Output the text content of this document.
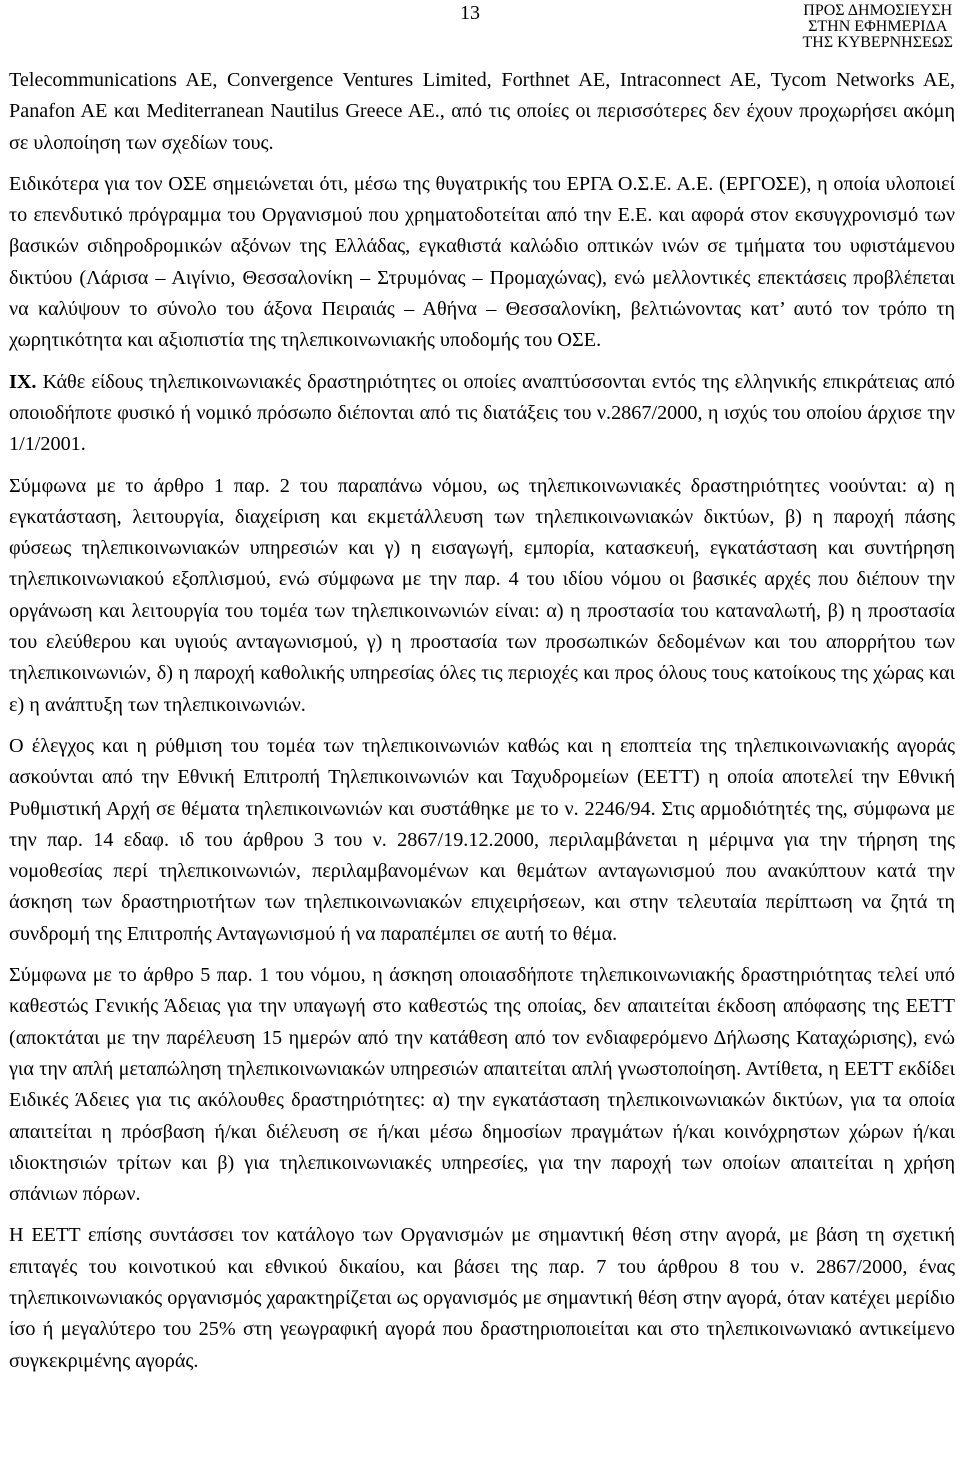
13	ΠΡΟΣ ΔΗΜΟΣΙΕΥΣΗ
ΣΤΗΝ ΕΦΗΜΕΡΙΔΑ
ΤΗΣ ΚΥΒΕΡΝΗΣΕΩΣ

Telecommunications AE, Convergence Ventures Limited, Forthnet AE, Intraconnect AE, Tycom Networks AE, Panafon AE και Mediterranean Nautilus Greece AE., από τις οποίες οι περισσότερες δεν έχουν προχωρήσει ακόμη σε υλοποίηση των σχεδίων τους.

Ειδικότερα για τον ΟΣΕ σημειώνεται ότι, μέσω της θυγατρικής του ΕΡΓΑ Ο.Σ.Ε. Α.Ε. (ΕΡΓΟΣΕ), η οποία υλοποιεί το επενδυτικό πρόγραμμα του Οργανισμού που χρηματοδοτείται από την Ε.Ε. και αφορά στον εκσυγχρονισμό των βασικών σιδηροδρομικών αξόνων της Ελλάδας, εγκαθιστά καλώδιο οπτικών ινών σε τμήματα του υφιστάμενου δικτύου (Λάρισα – Αιγίνιο, Θεσσαλονίκη – Στρυμόνας – Προμαχώνας), ενώ μελλοντικές επεκτάσεις προβλέπεται να καλύψουν το σύνολο του άξονα Πειραιάς – Αθήνα – Θεσσαλονίκη, βελτιώνοντας κατ’ αυτό τον τρόπο τη χωρητικότητα και αξιοπιστία της τηλεπικοινωνιακής υποδομής του ΟΣΕ.

IX. Κάθε είδους τηλεπικοινωνιακές δραστηριότητες οι οποίες αναπτύσσονται εντός της ελληνικής επικράτειας από οποιοδήποτε φυσικό ή νομικό πρόσωπο διέπονται από τις διατάξεις του ν.2867/2000, η ισχύς του οποίου άρχισε την 1/1/2001.

Σύμφωνα με το άρθρο 1 παρ. 2 του παραπάνω νόμου, ως τηλεπικοινωνιακές δραστηριότητες νοούνται: α) η εγκατάσταση, λειτουργία, διαχείριση και εκμετάλλευση των τηλεπικοινωνιακών δικτύων, β) η παροχή πάσης φύσεως τηλεπικοινωνιακών υπηρεσιών και γ) η εισαγωγή, εμπορία, κατασκευή, εγκατάσταση και συντήρηση τηλεπικοινωνιακού εξοπλισμού, ενώ σύμφωνα με την παρ. 4 του ιδίου νόμου οι βασικές αρχές που διέπουν την οργάνωση και λειτουργία του τομέα των τηλεπικοινωνιών είναι: α) η προστασία του καταναλωτή, β) η προστασία του ελεύθερου και υγιούς ανταγωνισμού, γ) η προστασία των προσωπικών δεδομένων και του απορρήτου των τηλεπικοινωνιών, δ) η παροχή καθολικής υπηρεσίας όλες τις περιοχές και προς όλους τους κατοίκους της χώρας και ε) η ανάπτυξη των τηλεπικοινωνιών.

Ο έλεγχος και η ρύθμιση του τομέα των τηλεπικοινωνιών καθώς και η εποπτεία της τηλεπικοινωνιακής αγοράς ασκούνται από την Εθνική Επιτροπή Τηλεπικοινωνιών και Ταχυδρομείων (ΕΕΤΤ) η οποία αποτελεί την Εθνική Ρυθμιστική Αρχή σε θέματα τηλεπικοινωνιών και συστάθηκε με το ν. 2246/94. Στις αρμοδιότητές της, σύμφωνα με την παρ. 14 εδαφ. ιδ του άρθρου 3 του ν. 2867/19.12.2000, περιλαμβάνεται η μέριμνα για την τήρηση της νομοθεσίας περί τηλεπικοινωνιών, περιλαμβανομένων και θεμάτων ανταγωνισμού που ανακύπτουν κατά την άσκηση των δραστηριοτήτων των τηλεπικοινωνιακών επιχειρήσεων, και στην τελευταία περίπτωση να ζητά τη συνδρομή της Επιτροπής Ανταγωνισμού ή να παραπέμπει σε αυτή το θέμα.

Σύμφωνα με το άρθρο 5 παρ. 1 του νόμου, η άσκηση οποιασδήποτε τηλεπικοινωνιακής δραστηριότητας τελεί υπό καθεστώς Γενικής Άδειας για την υπαγωγή στο καθεστώς της οποίας, δεν απαιτείται έκδοση απόφασης της ΕΕΤΤ (αποκτάται με την παρέλευση 15 ημερών από την κατάθεση από τον ενδιαφερόμενο Δήλωσης Καταχώρισης), ενώ για την απλή μεταπώληση τηλεπικοινωνιακών υπηρεσιών απαιτείται απλή γνωστοποίηση. Αντίθετα, η ΕΕΤΤ εκδίδει Ειδικές Άδειες για τις ακόλουθες δραστηριότητες: α) την εγκατάσταση τηλεπικοινωνιακών δικτύων, για τα οποία απαιτείται η πρόσβαση ή/και διέλευση σε ή/και μέσω δημοσίων πραγμάτων ή/και κοινόχρηστων χώρων ή/και ιδιοκτησιών τρίτων και β) για τηλεπικοινωνιακές υπηρεσίες, για την παροχή των οποίων απαιτείται η χρήση σπάνιων πόρων.

Η ΕΕΤΤ επίσης συντάσσει τον κατάλογο των Οργανισμών με σημαντική θέση στην αγορά, με βάση τη σχετική επιταγές του κοινοτικού και εθνικού δικαίου, και βάσει της παρ. 7 του άρθρου 8 του ν. 2867/2000, ένας τηλεπικοινωνιακός οργανισμός χαρακτηρίζεται ως οργανισμός με σημαντική θέση στην αγορά, όταν κατέχει μερίδιο ίσο ή μεγαλύτερο του 25% στη γεωγραφική αγορά που δραστηριοποιείται και στο τηλεπικοινωνιακό αντικείμενο συγκεκριμένης αγοράς.
